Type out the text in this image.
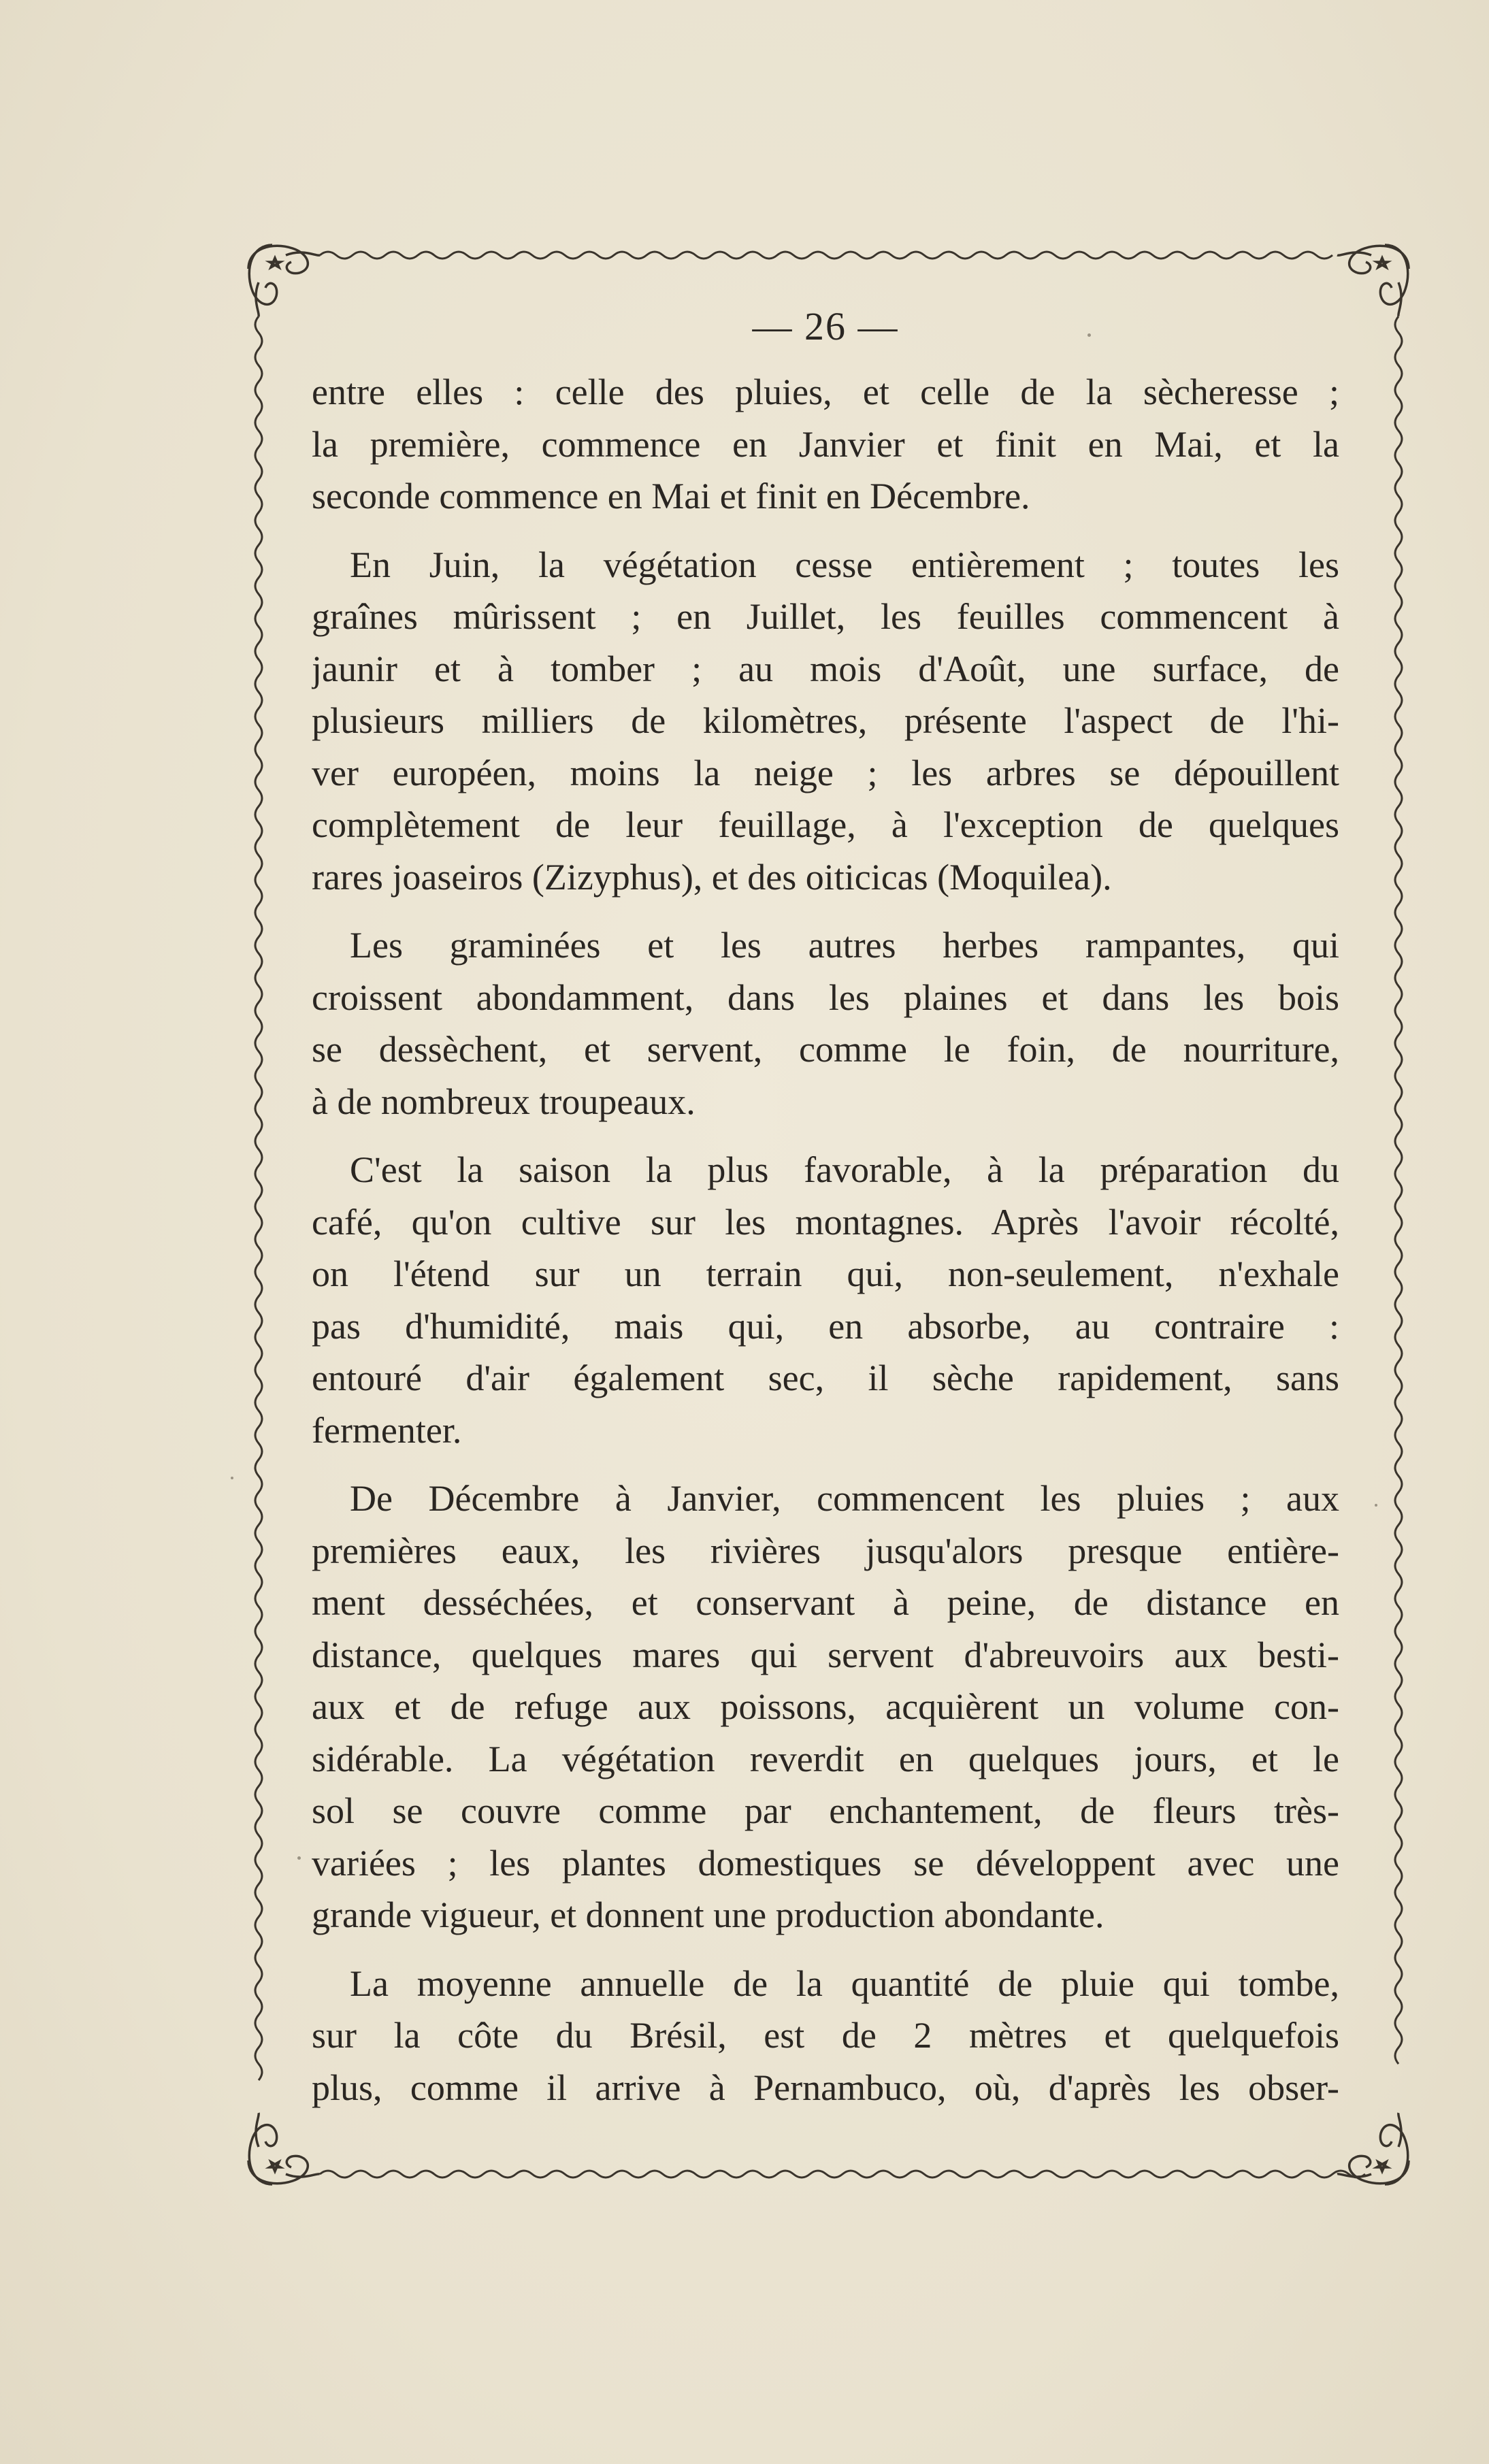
— 26 —

entre elles : celle des pluies, et celle de la sècheresse ;
la première, commence en Janvier et finit en Mai, et la
seconde commence en Mai et finit en Décembre.

En Juin, la végétation cesse entièrement ; toutes les
graînes mûrissent ; en Juillet, les feuilles commencent à
jaunir et à tomber ; au mois d'Août, une surface, de
plusieurs milliers de kilomètres, présente l'aspect de l'hi-
ver européen, moins la neige ; les arbres se dépouillent
complètement de leur feuillage, à l'exception de quelques
rares joaseiros (Zizyphus), et des oiticicas (Moquilea).

Les graminées et les autres herbes rampantes, qui
croissent abondamment, dans les plaines et dans les bois
se dessèchent, et servent, comme le foin, de nourriture,
à de nombreux troupeaux.

C'est la saison la plus favorable, à la préparation du
café, qu'on cultive sur les montagnes. Après l'avoir récolté,
on l'étend sur un terrain qui, non-seulement, n'exhale
pas d'humidité, mais qui, en absorbe, au contraire :
entouré d'air également sec, il sèche rapidement, sans
fermenter.

De Décembre à Janvier, commencent les pluies ; aux
premières eaux, les rivières jusqu'alors presque entière-
ment desséchées, et conservant à peine, de distance en
distance, quelques mares qui servent d'abreuvoirs aux besti-
aux et de refuge aux poissons, acquièrent un volume con-
sidérable. La végétation reverdit en quelques jours, et le
sol se couvre comme par enchantement, de fleurs très-
variées ; les plantes domestiques se développent avec une
grande vigueur, et donnent une production abondante.

La moyenne annuelle de la quantité de pluie qui tombe,
sur la côte du Brésil, est de 2 mètres et quelquefois
plus, comme il arrive à Pernambuco, où, d'après les obser-
